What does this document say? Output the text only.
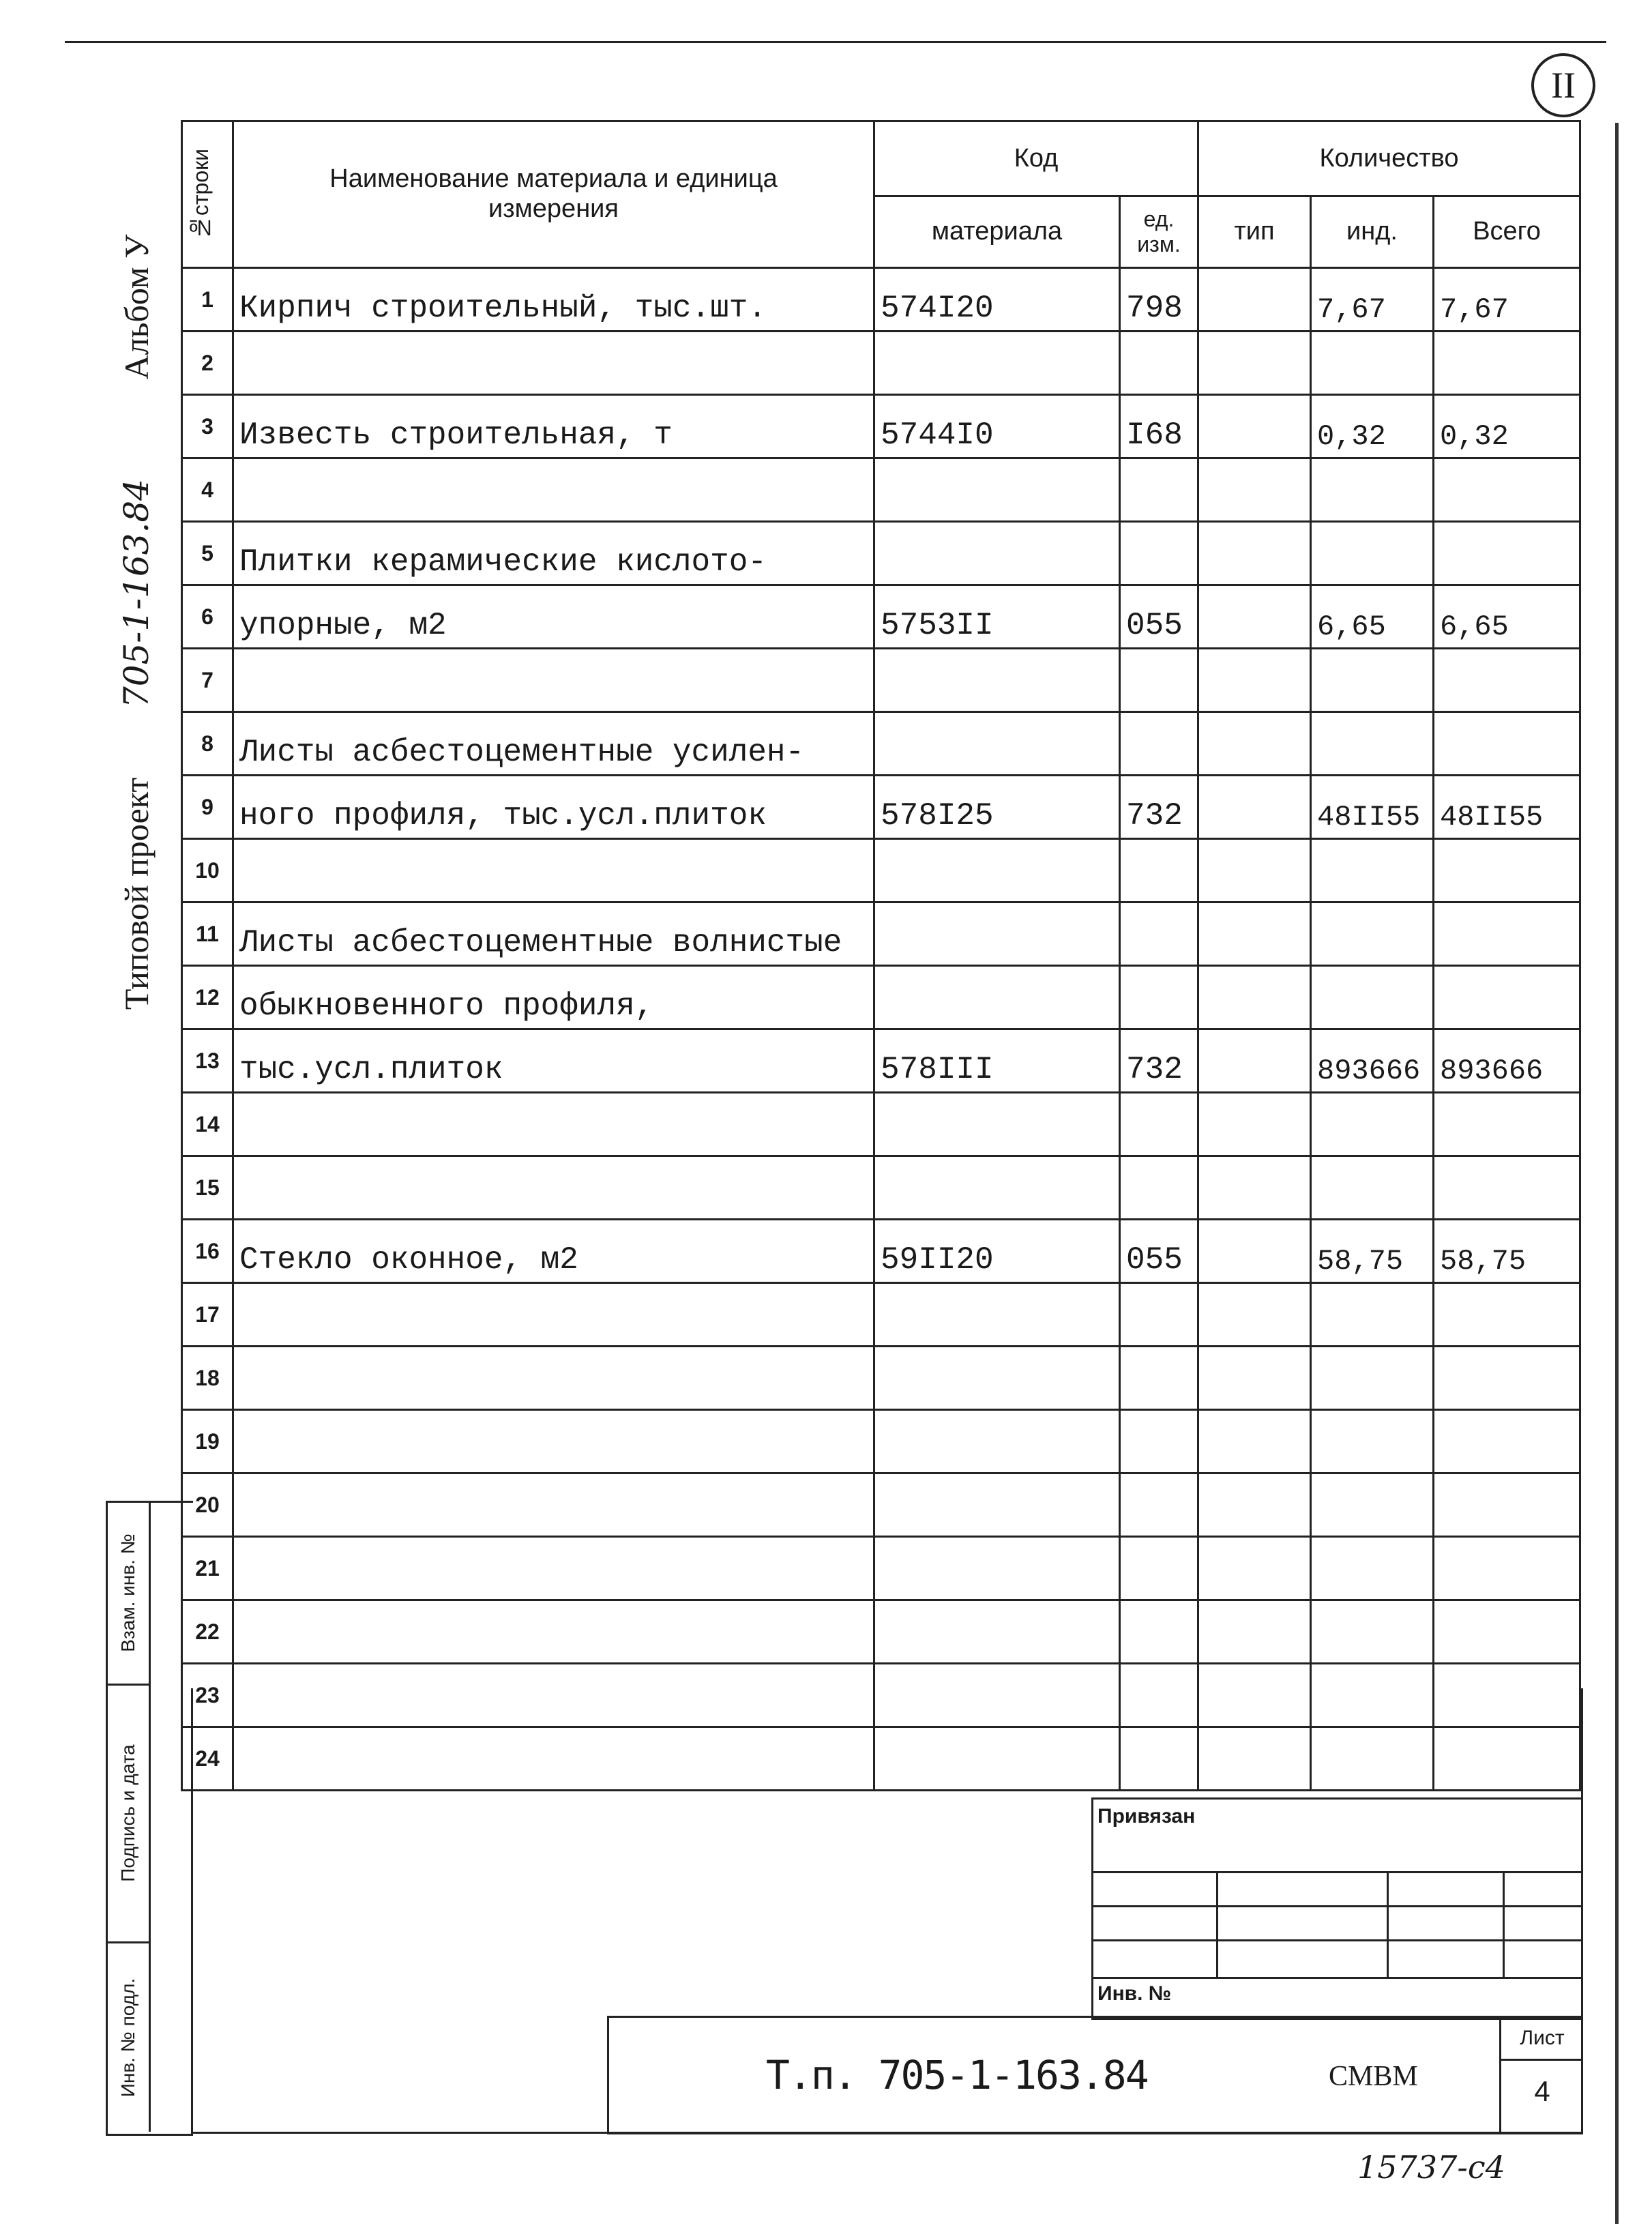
II
Альбом У
705-1-163.84
Типовой проект
№строки	Наименование материала и единица измерения	Код		Количество		
		материала	ед. изм.	тип	инд.	Всего
1	Кирпич строительный, тыс.шт.	574I20	798		7,67	7,67
2						
3	Известь строительная, т	5744I0	I68		0,32	0,32
4						
5	Плитки керамические кислото-					
6	упорные, м2	5753II	055		6,65	6,65
7						
8	Листы асбестоцементные усилен-					
9	ного профиля, тыс.усл.плиток	578I25	732		48II55	48II55
10						
11	Листы асбестоцементные волнистые					
12	обыкновенного профиля,					
13	тыс.усл.плиток	578III	732		893666	893666
14						
15						
16	Стекло оконное, м2	59II20	055		58,75	58,75
17						
18						
19						
20						
21						
22						
23						
24						
Взам. инв. №
Подпись и дата
Инв. № подл.
Привязан
Инв. №
Т.п. 705-1-163.84	СМВМ
Лист
4
15737-с4
